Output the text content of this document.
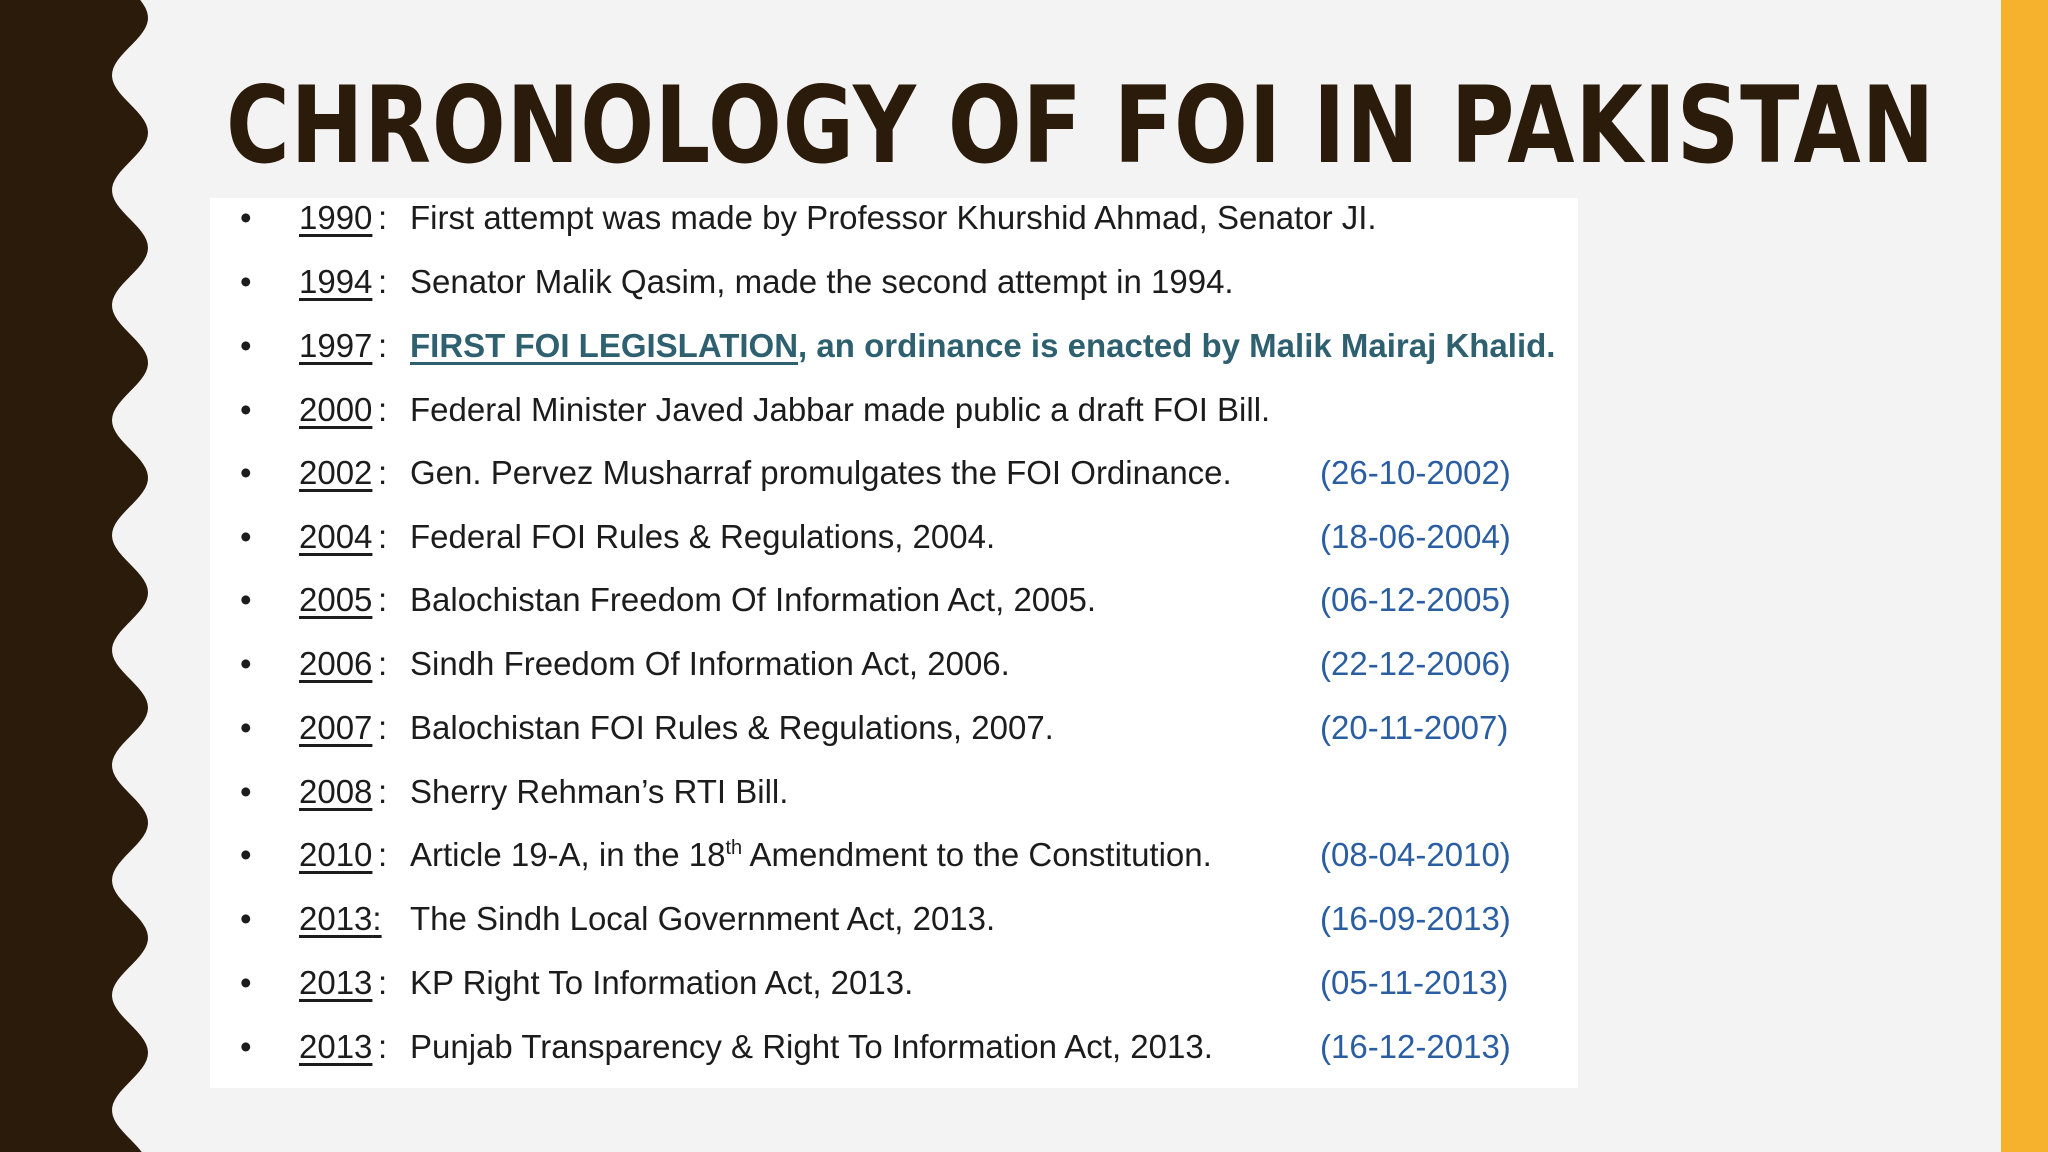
CHRONOLOGY OF FOI IN PAKISTAN
• 1990 : First attempt was made by Professor Khurshid Ahmad, Senator JI.
• 1994 : Senator Malik Qasim, made the second attempt in 1994.
• 1997 : FIRST FOI LEGISLATION, an ordinance is enacted by Malik Mairaj Khalid.
• 2000 : Federal Minister Javed Jabbar made public a draft FOI Bill.
• 2002 : Gen. Pervez Musharraf promulgates the FOI Ordinance.	(26-10-2002)
• 2004 : Federal FOI Rules & Regulations, 2004.	(18-06-2004)
• 2005 : Balochistan Freedom Of Information Act, 2005.	(06-12-2005)
• 2006 : Sindh Freedom Of Information Act, 2006.	(22-12-2006)
• 2007 : Balochistan FOI Rules & Regulations, 2007.	(20-11-2007)
• 2008 : Sherry Rehman’s RTI Bill.
• 2010 : Article 19-A, in the 18th Amendment to the Constitution.	(08-04-2010)
• 2013: The Sindh Local Government Act, 2013.	(16-09-2013)
• 2013 : KP Right To Information Act, 2013.	(05-11-2013)
• 2013 : Punjab Transparency & Right To Information Act, 2013.	(16-12-2013)
